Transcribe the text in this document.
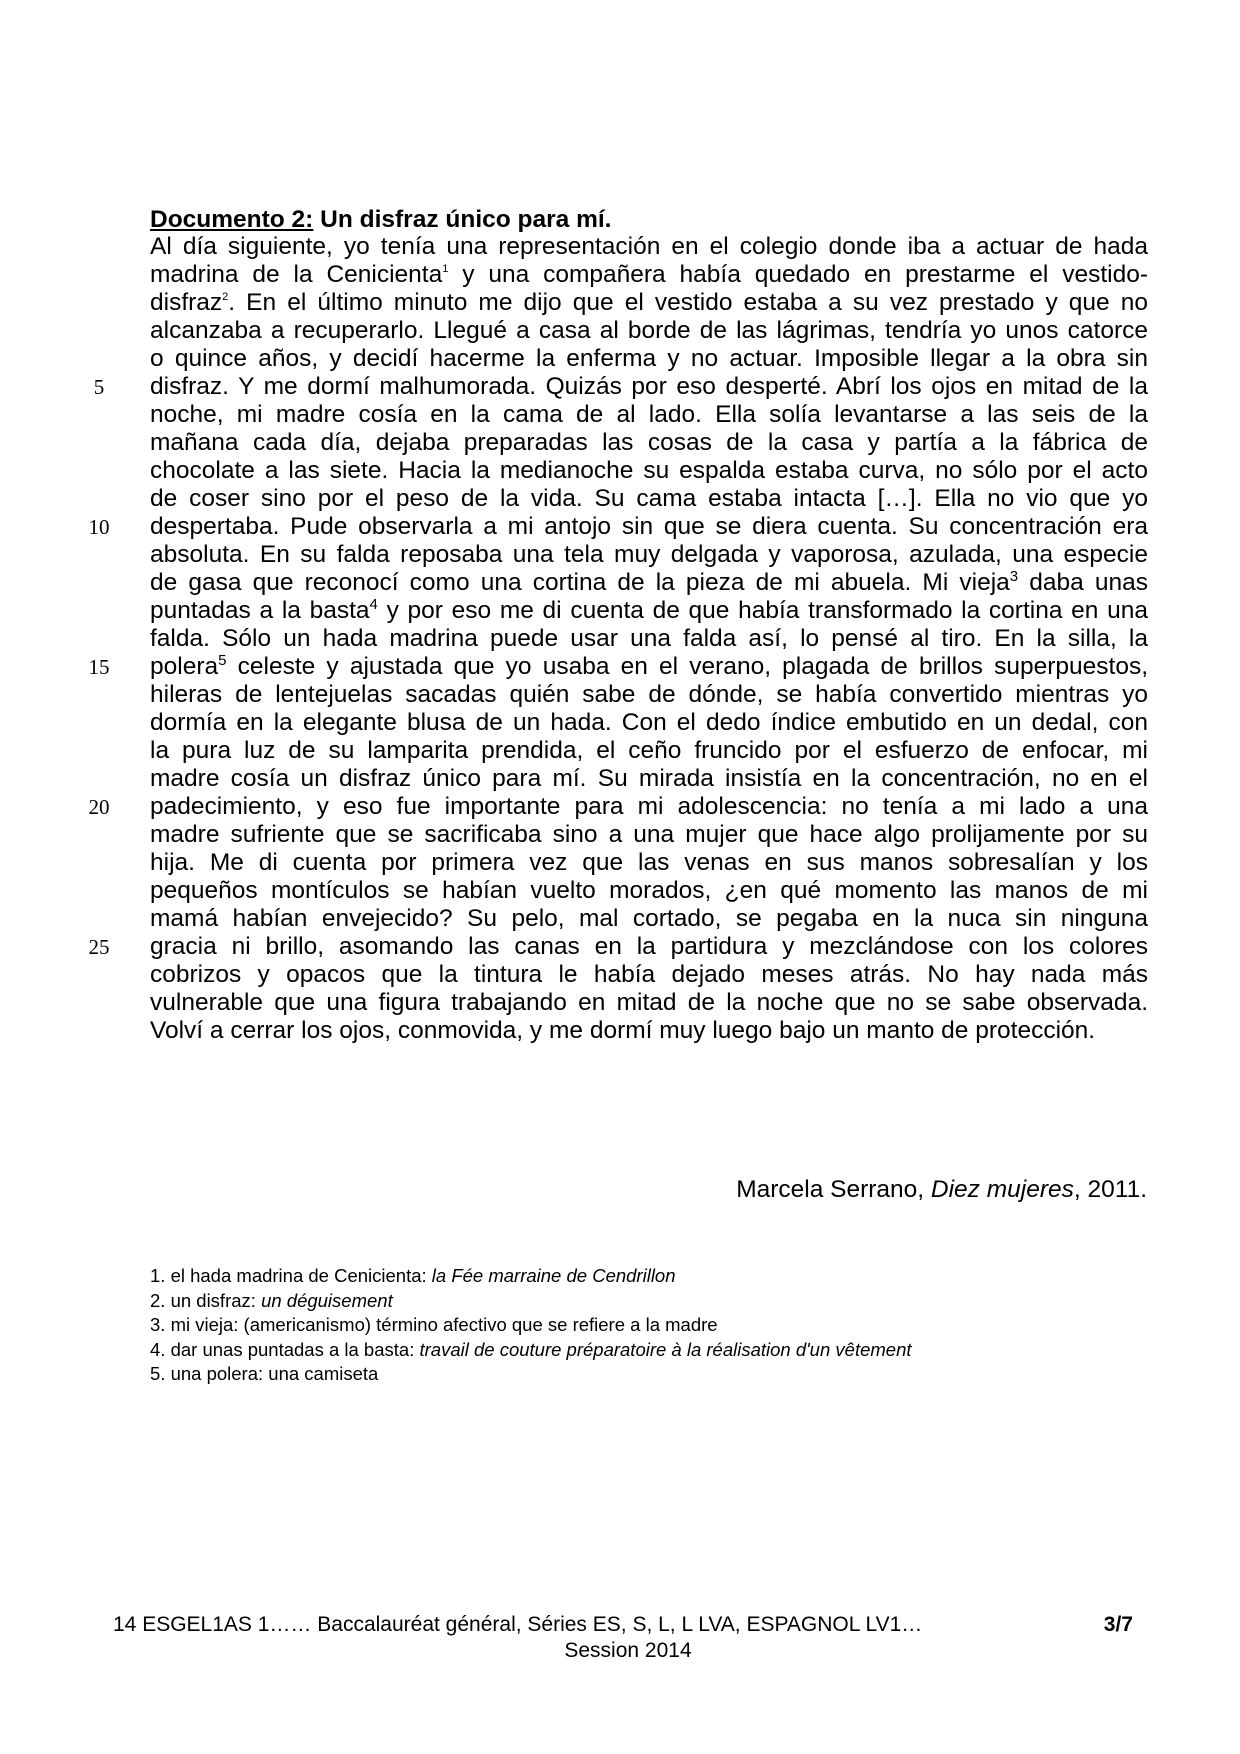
Documento 2: Un disfraz único para mí.
Al día siguiente, yo tenía una representación en el colegio donde iba a actuar de hada
madrina de la Cenicienta$^1$ y una compañera había quedado en prestarme el vestido-
disfraz$^2$. En el último minuto me dijo que el vestido estaba a su vez prestado y que no
alcanzaba a recuperarlo. Llegué a casa al borde de las lágrimas, tendría yo unos catorce
o quince años, y decidí hacerme la enferma y no actuar. Imposible llegar a la obra sin
disfraz. Y me dormí malhumorada. Quizás por eso desperté. Abrí los ojos en mitad de la
noche, mi madre cosía en la cama de al lado. Ella solía levantarse a las seis de la
mañana cada día, dejaba preparadas las cosas de la casa y partía a la fábrica de
chocolate a las siete. Hacia la medianoche su espalda estaba curva, no sólo por el acto
de coser sino por el peso de la vida. Su cama estaba intacta […]. Ella no vio que yo
despertaba. Pude observarla a mi antojo sin que se diera cuenta. Su concentración era
absoluta. En su falda reposaba una tela muy delgada y vaporosa, azulada, una especie
de gasa que reconocí como una cortina de la pieza de mi abuela. Mi vieja$^3$ daba unas
puntadas a la basta$^4$ y por eso me di cuenta de que había transformado la cortina en una
falda. Sólo un hada madrina puede usar una falda así, lo pensé al tiro. En la silla, la
polera$^5$ celeste y ajustada que yo usaba en el verano, plagada de brillos superpuestos,
hileras de lentejuelas sacadas quién sabe de dónde, se había convertido mientras yo
dormía en la elegante blusa de un hada. Con el dedo índice embutido en un dedal, con
la pura luz de su lamparita prendida, el ceño fruncido por el esfuerzo de enfocar, mi
madre cosía un disfraz único para mí. Su mirada insistía en la concentración, no en el
padecimiento, y eso fue importante para mi adolescencia: no tenía a mi lado a una
madre sufriente que se sacrificaba sino a una mujer que hace algo prolijamente por su
hija. Me di cuenta por primera vez que las venas en sus manos sobresalían y los
pequeños montículos se habían vuelto morados, ¿en qué momento las manos de mi
mamá habían envejecido? Su pelo, mal cortado, se pegaba en la nuca sin ninguna
gracia ni brillo, asomando las canas en la partidura y mezclándose con los colores
cobrizos y opacos que la tintura le había dejado meses atrás. No hay nada más
vulnerable que una figura trabajando en mitad de la noche que no se sabe observada.
Volví a cerrar los ojos, conmovida, y me dormí muy luego bajo un manto de protección.
5
10
15
20
25
Marcela Serrano, Diez mujeres, 2011.
1. el hada madrina de Cenicienta: la Fée marraine de Cendrillon
2. un disfraz: un déguisement
3. mi vieja: (americanismo) término afectivo que se refiere a la madre
4. dar unas puntadas a la basta: travail de couture préparatoire à la réalisation d'un vêtement
5. una polera: una camiseta
14 ESGEL1AS 1…… Baccalauréat général, Séries ES, S, L, L LVA, ESPAGNOL LV1…	3/7
Session 2014
